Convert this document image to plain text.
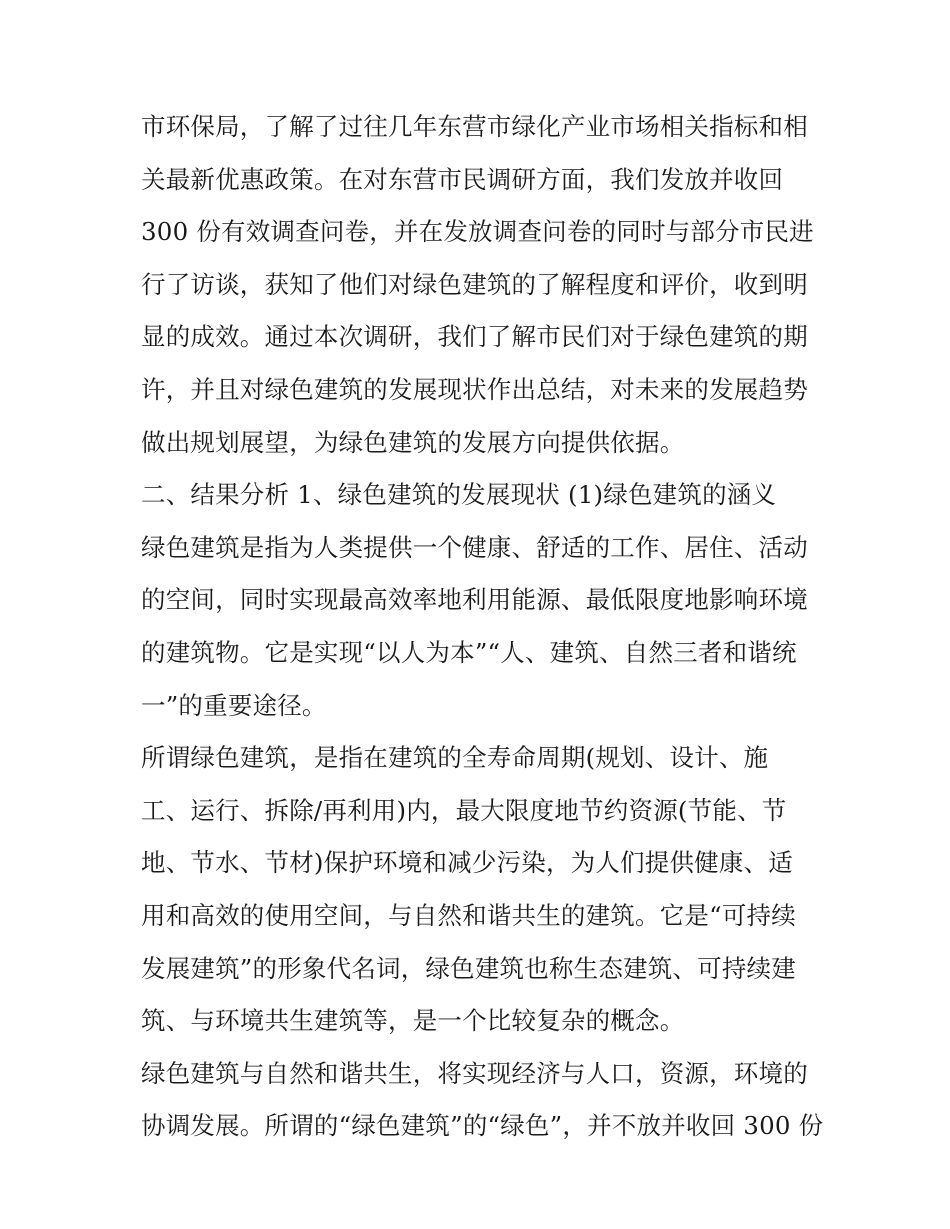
市环保局，了解了过往几年东营市绿化产业市场相关指标和相
关最新优惠政策。在对东营市民调研方面，我们发放并收回
300 份有效调查问卷，并在发放调查问卷的同时与部分市民进
行了访谈，获知了他们对绿色建筑的了解程度和评价，收到明
显的成效。通过本次调研，我们了解市民们对于绿色建筑的期
许，并且对绿色建筑的发展现状作出总结，对未来的发展趋势
做出规划展望，为绿色建筑的发展方向提供依据。
二、结果分析 1、绿色建筑的发展现状 (1)绿色建筑的涵义
绿色建筑是指为人类提供一个健康、舒适的工作、居住、活动
的空间，同时实现最高效率地利用能源、最低限度地影响环境
的建筑物。它是实现“以人为本”“人、建筑、自然三者和谐统
一”的重要途径。
所谓绿色建筑，是指在建筑的全寿命周期(规划、设计、施
工、运行、拆除/再利用)内，最大限度地节约资源(节能、节
地、节水、节材)保护环境和减少污染，为人们提供健康、适
用和高效的使用空间，与自然和谐共生的建筑。它是“可持续
发展建筑”的形象代名词，绿色建筑也称生态建筑、可持续建
筑、与环境共生建筑等，是一个比较复杂的概念。
绿色建筑与自然和谐共生，将实现经济与人口，资源，环境的
协调发展。所谓的“绿色建筑”的“绿色”，并不放并收回 300 份
